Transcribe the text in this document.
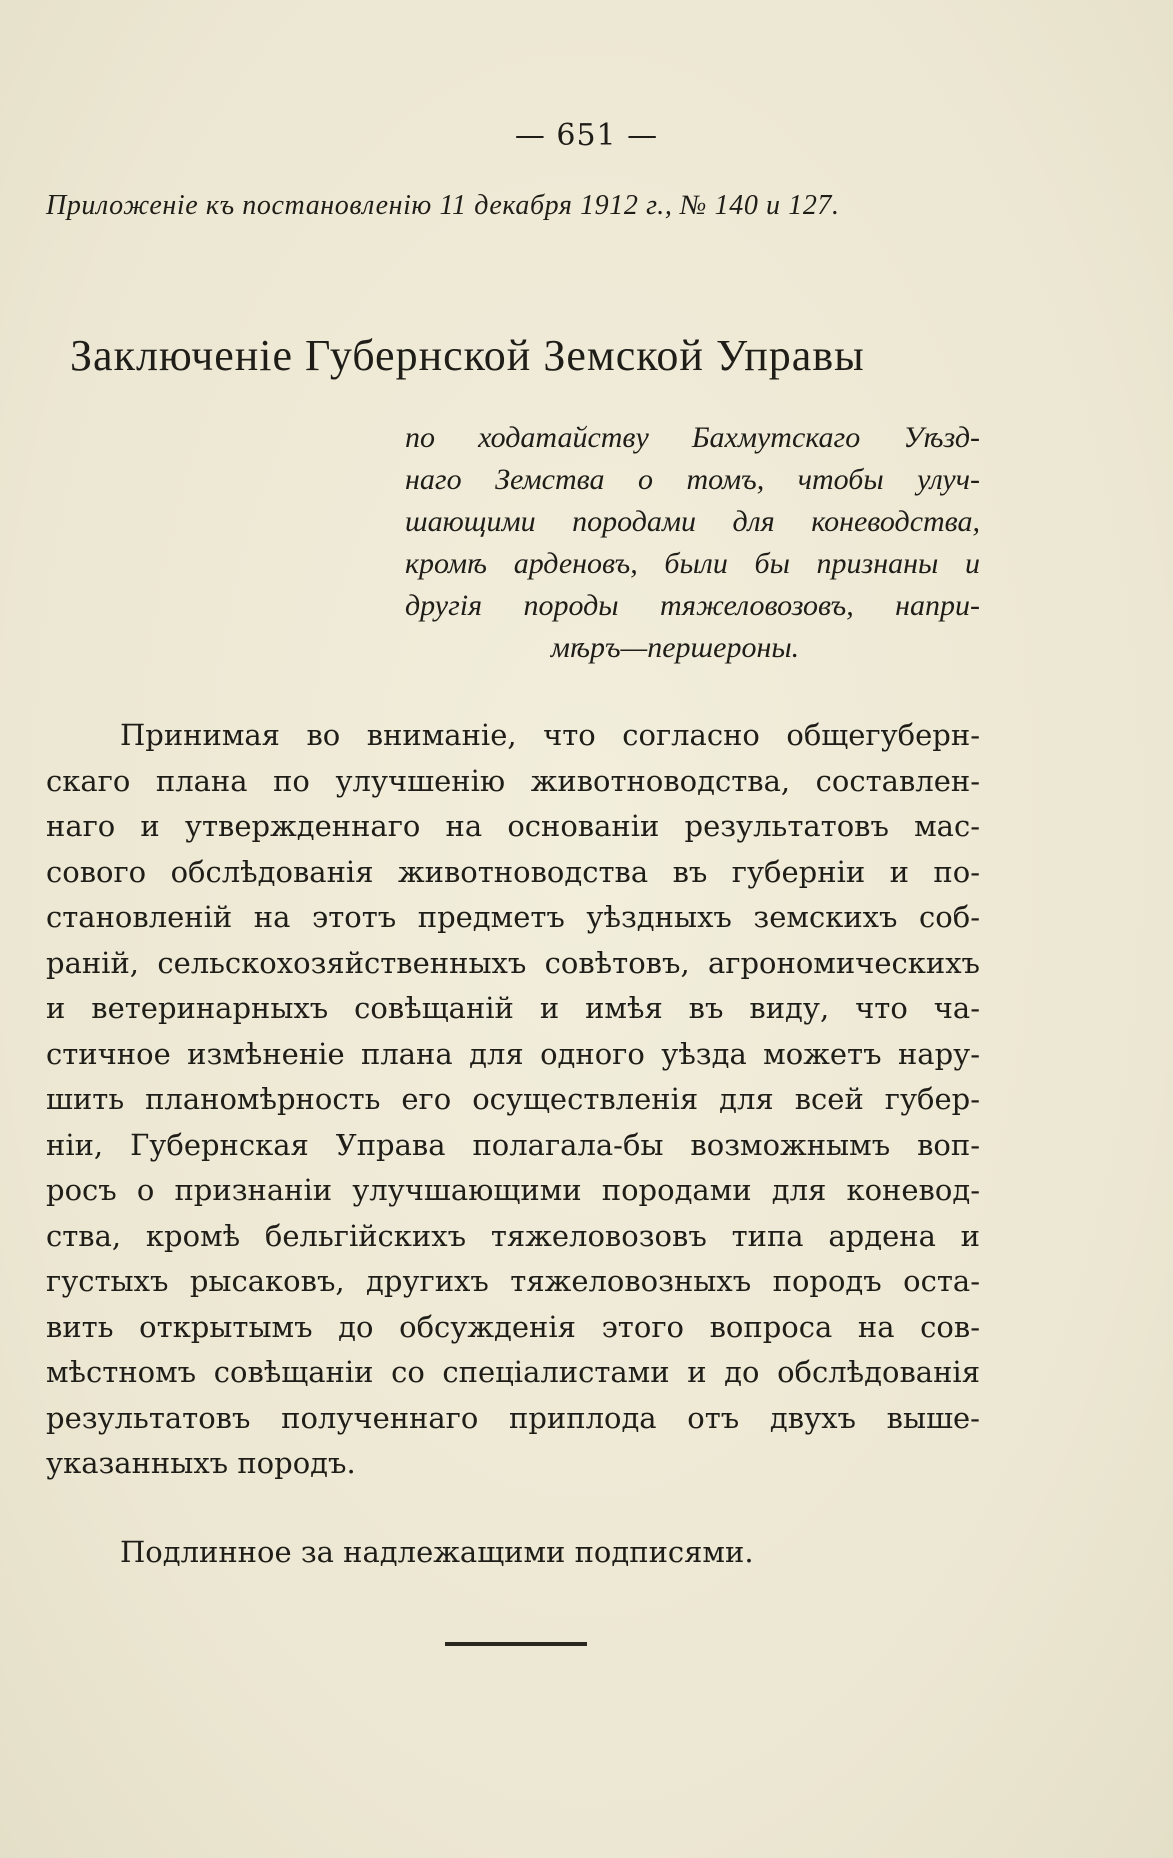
— 651 —
Приложеніе къ постановленію 11 декабря 1912 г., № 140 и 127.
Заключеніе Губернской Земской Управы
по ходатайству Бахмутскаго Уѣзд-
наго Земства о томъ, чтобы улуч-
шающими породами для коневодства,
кромѣ арденовъ, были бы признаны и
другія породы тяжеловозовъ, напри-
мѣръ—першероны.
Принимая во вниманіе, что согласно общегуберн-
скаго плана по улучшенію животноводства, составлен-
наго и утвержденнаго на основаніи результатовъ мас-
сового обслѣдованія животноводства въ губерніи и по-
становленій на этотъ предметъ уѣздныхъ земскихъ соб-
раній, сельскохозяйственныхъ совѣтовъ, агрономическихъ
и ветеринарныхъ совѣщаній и имѣя въ виду, что ча-
стичное измѣненіе плана для одного уѣзда можетъ нару-
шить планомѣрность его осуществленія для всей губер-
ніи, Губернская Управа полагала-бы возможнымъ воп-
росъ о признаніи улучшающими породами для коневод-
ства, кромѣ бельгійскихъ тяжеловозовъ типа ардена и
густыхъ рысаковъ, другихъ тяжеловозныхъ породъ оста-
вить открытымъ до обсужденія этого вопроса на сов-
мѣстномъ совѣщаніи со спеціалистами и до обслѣдованія
результатовъ полученнаго приплода отъ двухъ выше-
указанныхъ породъ.
Подлинное за надлежащими подписями.
